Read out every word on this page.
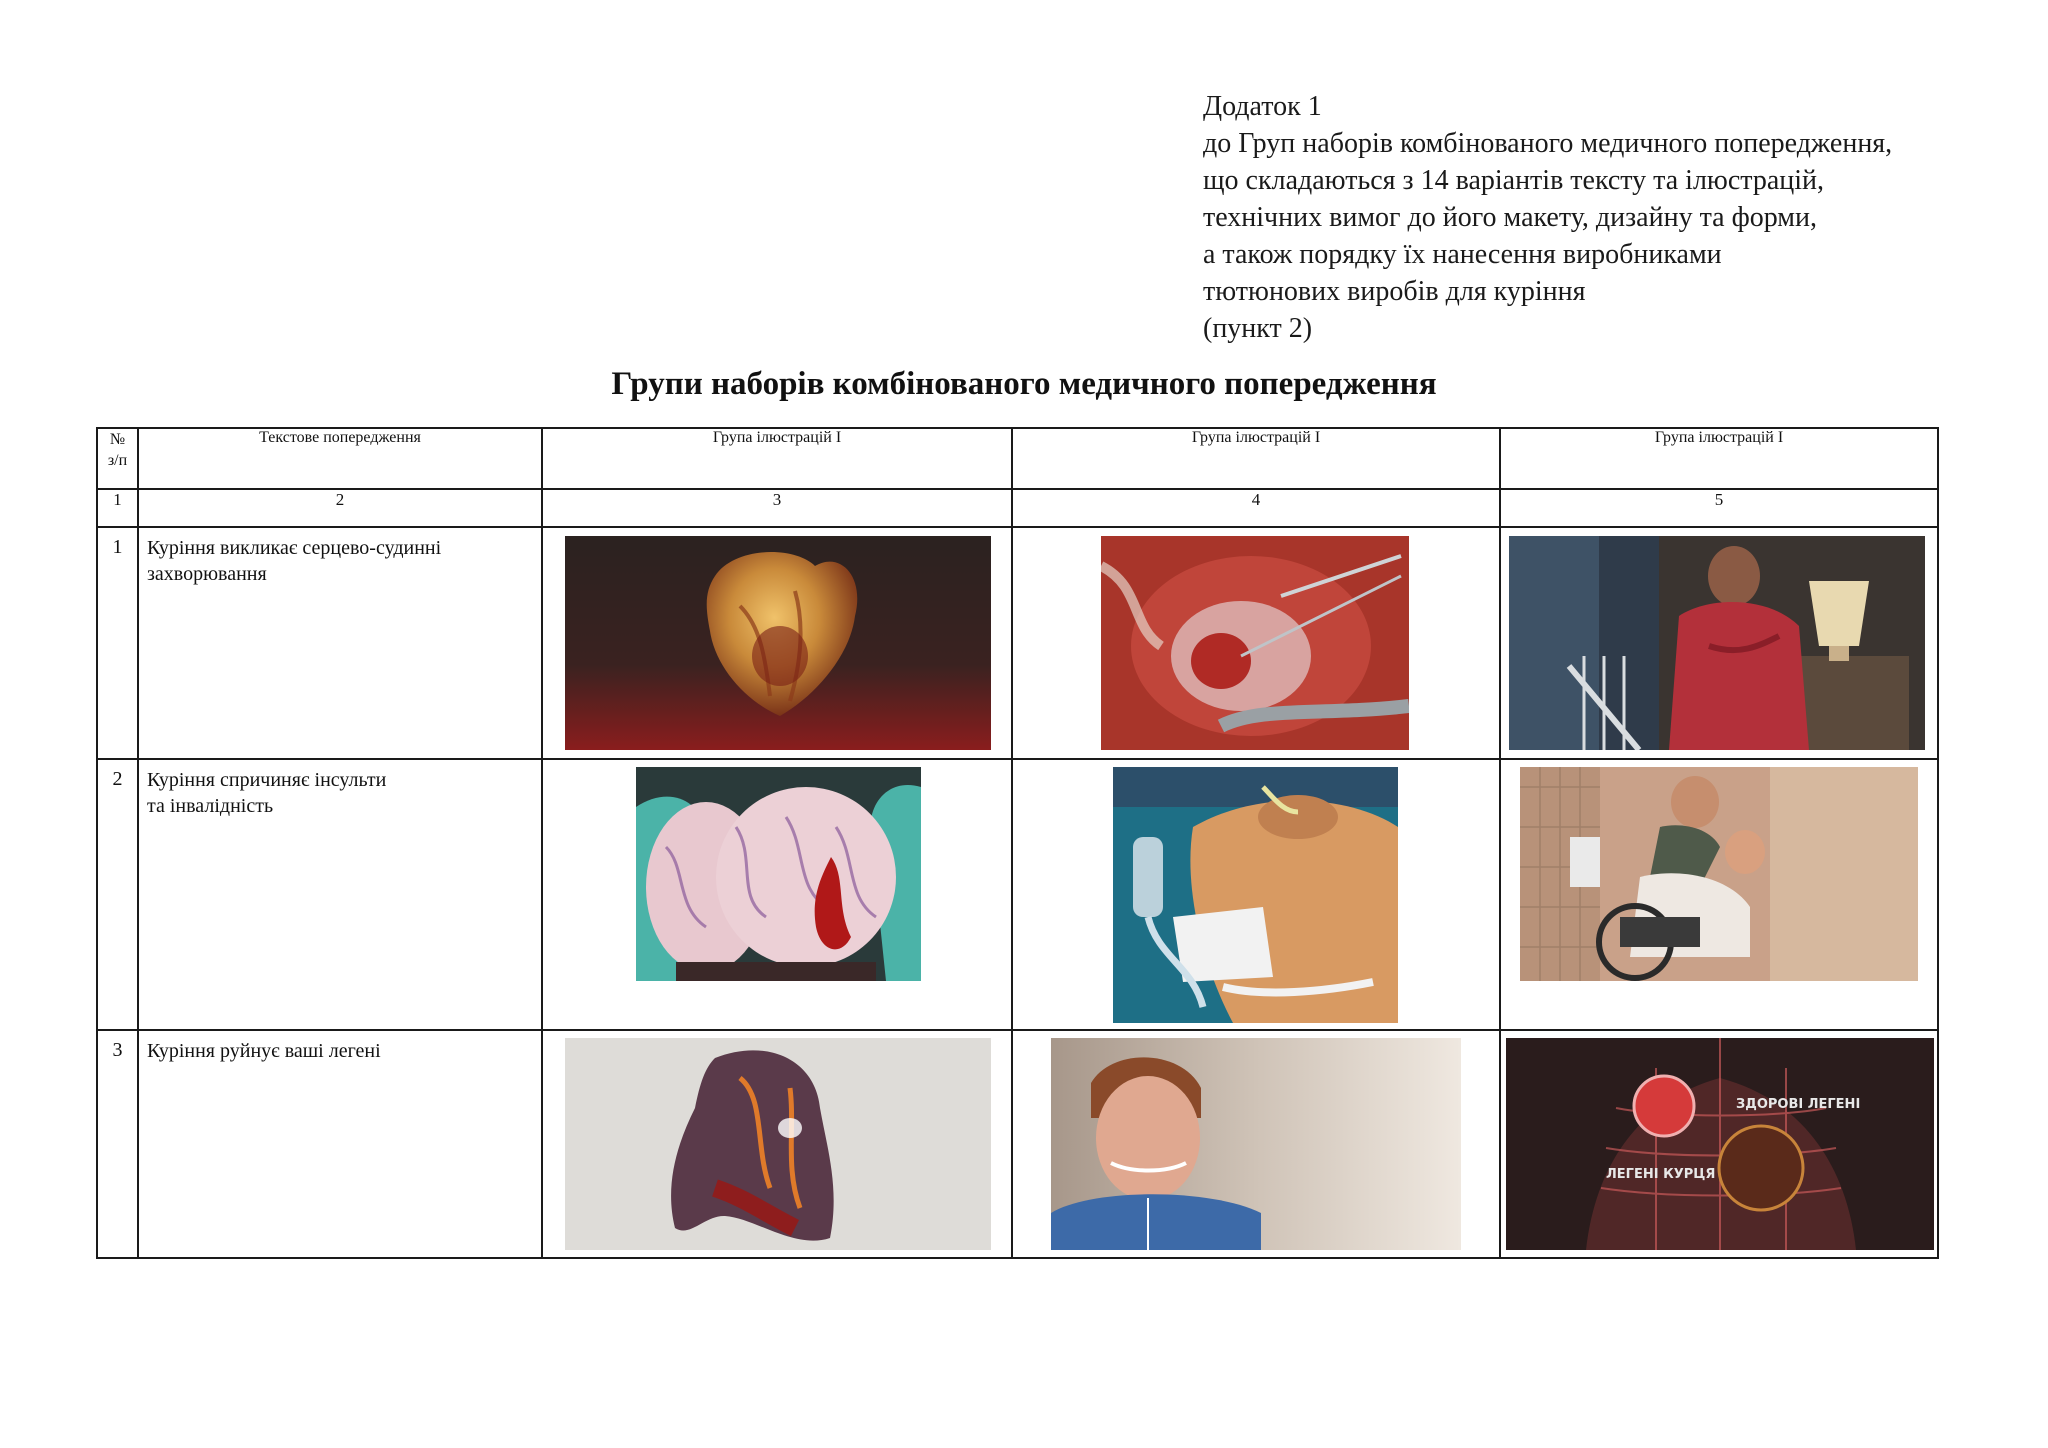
Додаток 1
до Груп наборів комбінованого медичного попередження,
що складаються з 14 варіантів тексту та ілюстрацій,
технічних вимог до його макету, дизайну та форми,
а також порядку їх нанесення виробниками
тютюнових виробів для куріння
(пункт 2)
Групи наборів комбінованого медичного попередження
№
з/п	Текстове попередження	Група ілюстрацій I	Група ілюстрацій I	Група ілюстрацій I
1	2	3	4	5
1	Куріння викликає серцево-судинні
захворювання

2	Куріння спричиняє інсульти
та інвалідність

3	Куріння руйнує ваші легені			ЗДОРОВІ ЛЕГЕНІ
ЛЕГЕНІ КУРЦЯ
